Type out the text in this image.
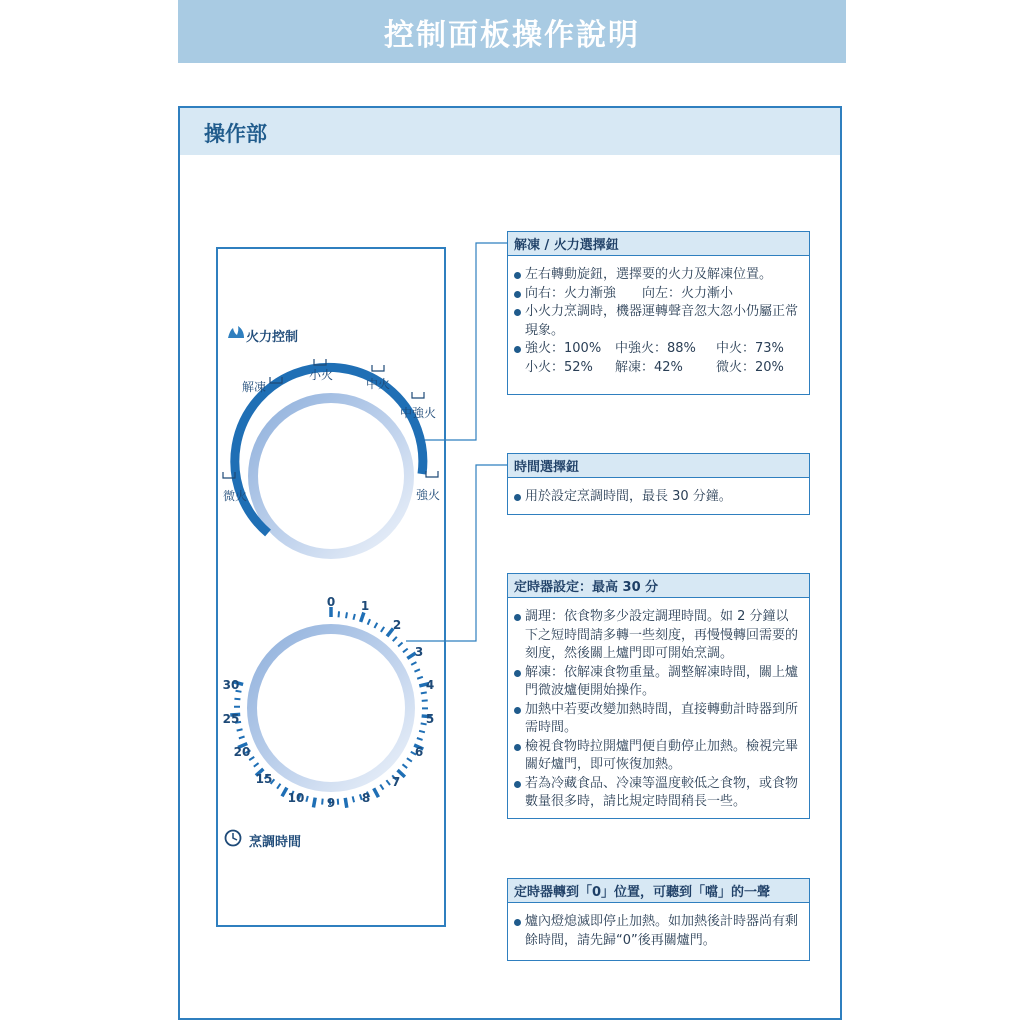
控制面板操作說明
操作部
火力控制
解凍
小火
中火
中強火
微火	強火
0 1
2
3
4
5
6
7
8
9
10
15
20
25
30
烹調時間
解凍 / 火力選擇鈕
左右轉動旋鈕，選擇要的火力及解凍位置。
向右：火力漸強　　向左：火力漸小
小火力烹調時，機器運轉聲音忽大忽小仍屬正常現象。
強火：100%	中強火：88%	中火：73%
小火：52%	解凍：42%	微火：20%
時間選擇鈕
用於設定烹調時間，最長 30 分鐘。
定時器設定：最高 30 分
調理：依食物多少設定調理時間。如 2 分鐘以下之短時間請多轉一些刻度，再慢慢轉回需要的刻度，然後關上爐門即可開始烹調。
解凍：依解凍食物重量。調整解凍時間，關上爐門微波爐便開始操作。
加熱中若要改變加熱時間，直接轉動計時器到所需時間。
檢視食物時拉開爐門便自動停止加熱。檢視完畢關好爐門，即可恢復加熱。
若為冷藏食品、冷凍等溫度較低之食物，或食物數量很多時，請比規定時間稍長一些。
定時器轉到「0」位置，可聽到「噹」的一聲
爐內燈熄滅即停止加熱。如加熱後計時器尚有剩餘時間，請先歸“0”後再關爐門。
